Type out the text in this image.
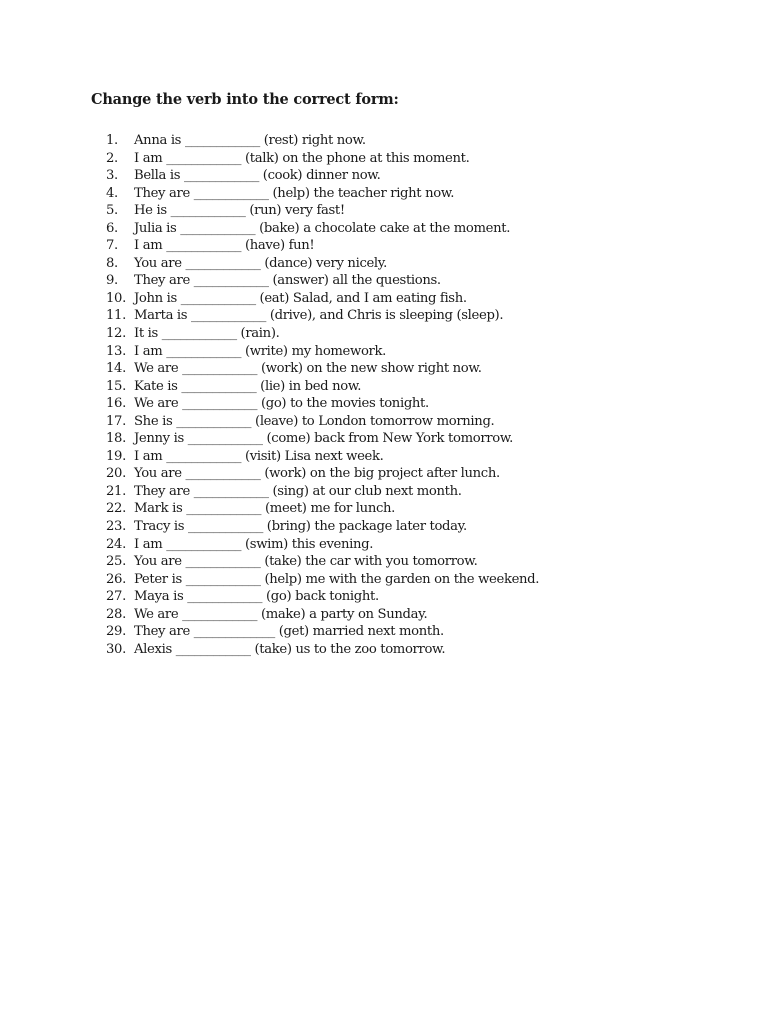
Change the verb into the correct form:
1.	Anna is ____________ (rest) right now.
2.	I am ____________ (talk) on the phone at this moment.
3.	Bella is ____________ (cook) dinner now.
4.	They are ____________ (help) the teacher right now.
5.	He is ____________ (run) very fast!
6.	Julia is ____________ (bake) a chocolate cake at the moment.
7.	I am ____________ (have) fun!
8.	You are ____________ (dance) very nicely.
9.	They are ____________ (answer) all the questions.
10. John is ____________ (eat) Salad, and I am eating fish.
11. Marta is ____________ (drive), and Chris is sleeping (sleep).
12. It is ____________ (rain).
13. I am ____________ (write) my homework.
14. We are ____________ (work) on the new show right now.
15. Kate is ____________ (lie) in bed now.
16. We are ____________ (go) to the movies tonight.
17. She is ____________ (leave) to London tomorrow morning.
18. Jenny is ____________ (come) back from New York tomorrow.
19. I am ____________ (visit) Lisa next week.
20. You are ____________ (work) on the big project after lunch.
21. They are ____________ (sing) at our club next month.
22. Mark is ____________ (meet) me for lunch.
23. Tracy is ____________ (bring) the package later today.
24. I am ____________ (swim) this evening.
25. You are ____________ (take) the car with you tomorrow.
26. Peter is ____________ (help) me with the garden on the weekend.
27. Maya is ____________ (go) back tonight.
28. We are ____________ (make) a party on Sunday.
29. They are _____________ (get) married next month.
30. Alexis ____________ (take) us to the zoo tomorrow.
